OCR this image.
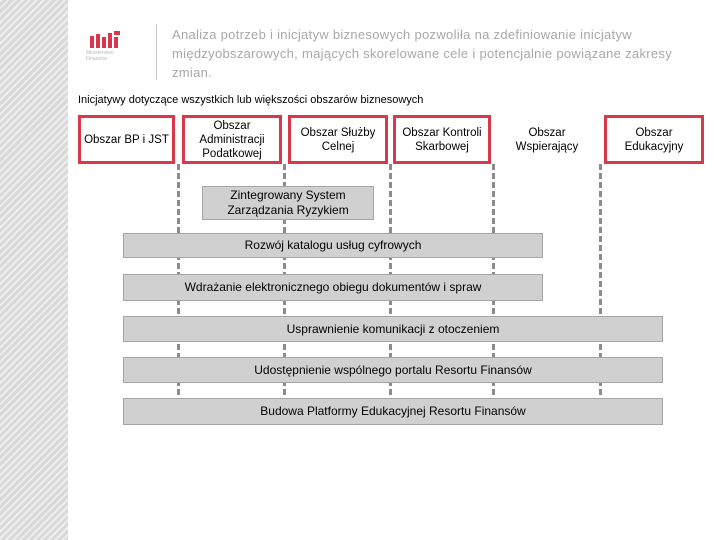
Ministerstwo
Finansów
Analiza potrzeb i inicjatyw biznesowych pozwoliła na zdefiniowanie inicjatyw międzyobszarowych, mających skorelowane cele i potencjalnie powiązane zakresy zmian.
Inicjatywy dotyczące wszystkich lub większości obszarów biznesowych
Obszar BP i JST
Obszar Administracji Podatkowej
Obszar Służby Celnej
Obszar Kontroli Skarbowej
Obszar Wspierający
Obszar Edukacyjny
Zintegrowany System Zarządzania Ryzykiem
Rozwój katalogu usług cyfrowych
Wdrażanie elektronicznego obiegu dokumentów i spraw
Usprawnienie komunikacji z otoczeniem
Udostępnienie wspólnego portalu Resortu Finansów
Budowa Platformy Edukacyjnej Resortu Finansów
